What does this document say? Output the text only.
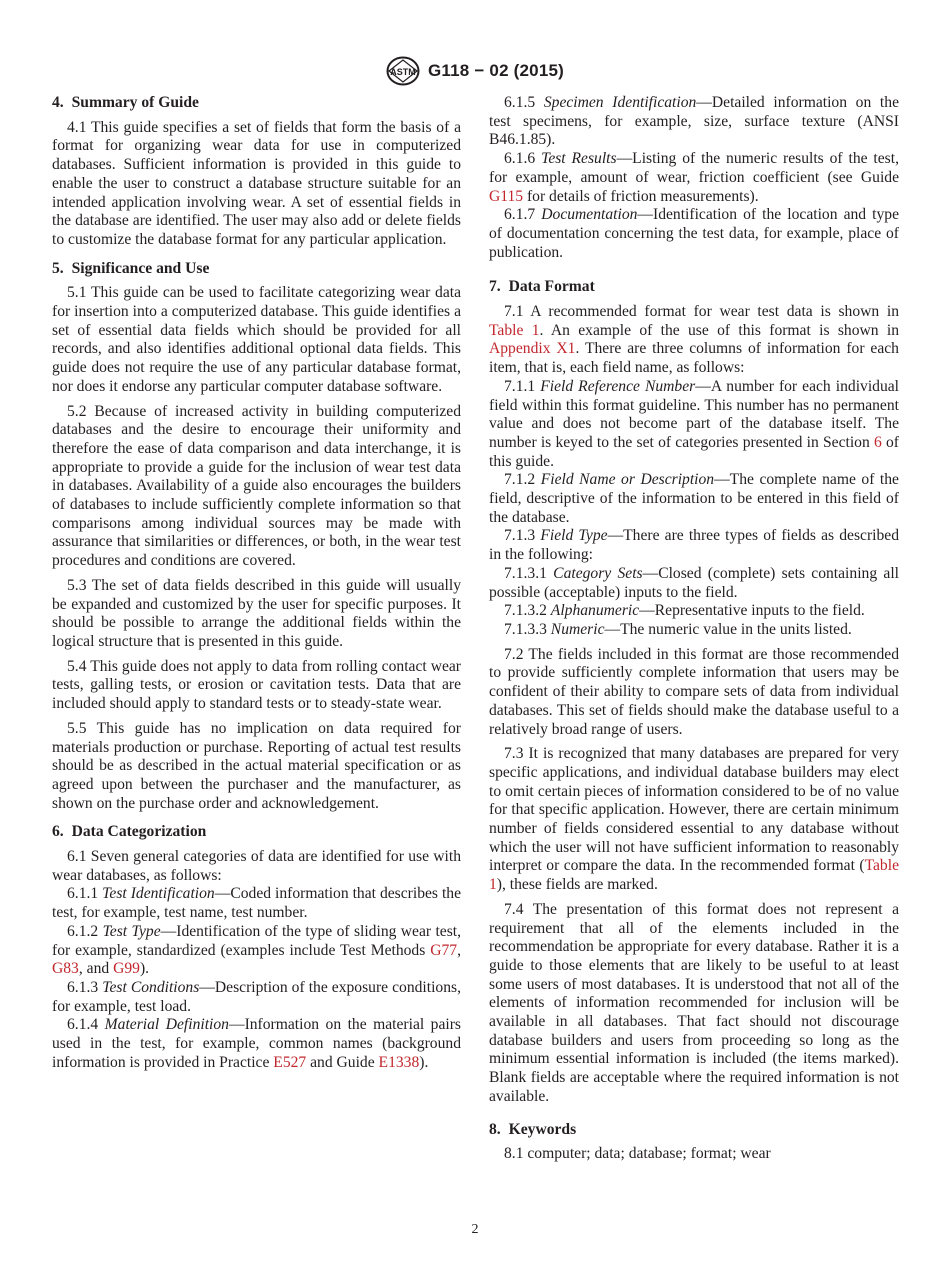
ASTM G118 − 02 (2015)
4. Summary of Guide

4.1 This guide specifies a set of fields that form the basis of a format for organizing wear data for use in computerized databases. Sufficient information is provided in this guide to enable the user to construct a database structure suitable for an intended application involving wear. A set of essential fields in the database are identified. The user may also add or delete fields to customize the database format for any particular application.

5. Significance and Use

5.1 This guide can be used to facilitate categorizing wear data for insertion into a computerized database. This guide identifies a set of essential data fields which should be provided for all records, and also identifies additional optional data fields. This guide does not require the use of any particular database format, nor does it endorse any particular computer database software.

5.2 Because of increased activity in building computerized databases and the desire to encourage their uniformity and therefore the ease of data comparison and data interchange, it is appropriate to provide a guide for the inclusion of wear test data in databases. Availability of a guide also encourages the builders of databases to include sufficiently complete information so that comparisons among individual sources may be made with assurance that similarities or differences, or both, in the wear test procedures and conditions are covered.

5.3 The set of data fields described in this guide will usually be expanded and customized by the user for specific purposes. It should be possible to arrange the additional fields within the logical structure that is presented in this guide.

5.4 This guide does not apply to data from rolling contact wear tests, galling tests, or erosion or cavitation tests. Data that are included should apply to standard tests or to steady-state wear.

5.5 This guide has no implication on data required for materials production or purchase. Reporting of actual test results should be as described in the actual material specification or as agreed upon between the purchaser and the manufacturer, as shown on the purchase order and acknowledgement.

6. Data Categorization

6.1 Seven general categories of data are identified for use with wear databases, as follows:

6.1.1 Test Identification—Coded information that describes the test, for example, test name, test number.

6.1.2 Test Type—Identification of the type of sliding wear test, for example, standardized (examples include Test Methods G77, G83, and G99).

6.1.3 Test Conditions—Description of the exposure conditions, for example, test load.

6.1.4 Material Definition—Information on the material pairs used in the test, for example, common names (background information is provided in Practice E527 and Guide E1338).

6.1.5 Specimen Identification—Detailed information on the test specimens, for example, size, surface texture (ANSI B46.1.85).

6.1.6 Test Results—Listing of the numeric results of the test, for example, amount of wear, friction coefficient (see Guide G115 for details of friction measurements).

6.1.7 Documentation—Identification of the location and type of documentation concerning the test data, for example, place of publication.

7. Data Format

7.1 A recommended format for wear test data is shown in Table 1. An example of the use of this format is shown in Appendix X1. There are three columns of information for each item, that is, each field name, as follows:

7.1.1 Field Reference Number—A number for each individual field within this format guideline. This number has no permanent value and does not become part of the database itself. The number is keyed to the set of categories presented in Section 6 of this guide.

7.1.2 Field Name or Description—The complete name of the field, descriptive of the information to be entered in this field of the database.

7.1.3 Field Type—There are three types of fields as described in the following:

7.1.3.1 Category Sets—Closed (complete) sets containing all possible (acceptable) inputs to the field.

7.1.3.2 Alphanumeric—Representative inputs to the field.

7.1.3.3 Numeric—The numeric value in the units listed.

7.2 The fields included in this format are those recommended to provide sufficiently complete information that users may be confident of their ability to compare sets of data from individual databases. This set of fields should make the database useful to a relatively broad range of users.

7.3 It is recognized that many databases are prepared for very specific applications, and individual database builders may elect to omit certain pieces of information considered to be of no value for that specific application. However, there are certain minimum number of fields considered essential to any database without which the user will not have sufficient information to reasonably interpret or compare the data. In the recommended format (Table 1), these fields are marked.

7.4 The presentation of this format does not represent a requirement that all of the elements included in the recommendation be appropriate for every database. Rather it is a guide to those elements that are likely to be useful to at least some users of most databases. It is understood that not all of the elements of information recommended for inclusion will be available in all databases. That fact should not discourage database builders and users from proceeding so long as the minimum essential information is included (the items marked). Blank fields are acceptable where the required information is not available.

8. Keywords

8.1 computer; data; database; format; wear

2
